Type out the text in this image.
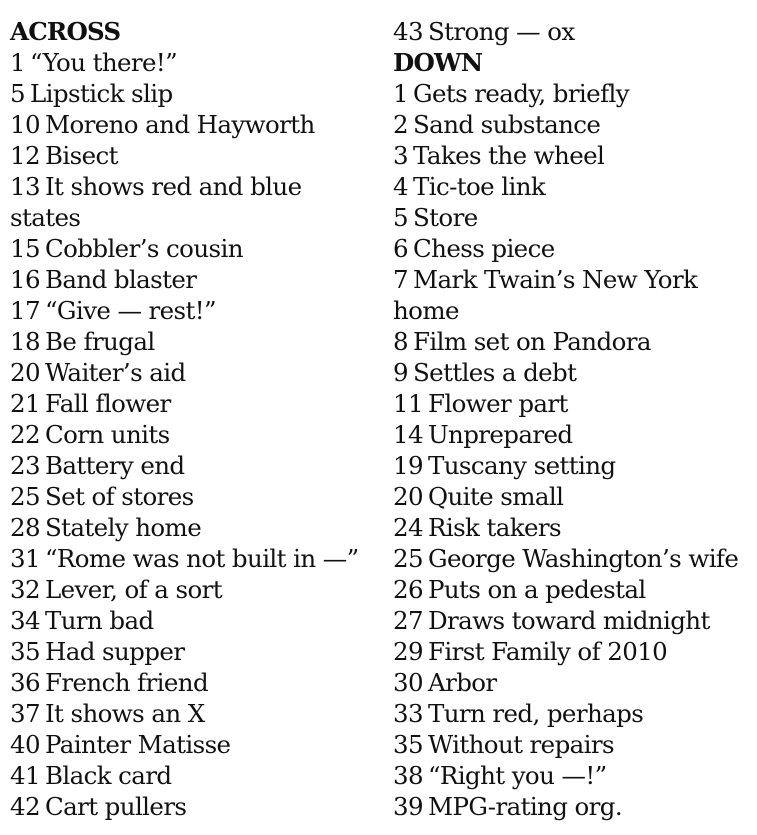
ACROSS
1 “You there!”
5 Lipstick slip
10 Moreno and Hayworth
12 Bisect
13 It shows red and blue
states
15 Cobbler’s cousin
16 Band blaster
17 “Give — rest!”
18 Be frugal
20 Waiter’s aid
21 Fall flower
22 Corn units
23 Battery end
25 Set of stores
28 Stately home
31 “Rome was not built in —”
32 Lever, of a sort
34 Turn bad
35 Had supper
36 French friend
37 It shows an X
40 Painter Matisse
41 Black card
42 Cart pullers
43 Strong — ox
DOWN
1 Gets ready, briefly
2 Sand substance
3 Takes the wheel
4 Tic-toe link
5 Store
6 Chess piece
7 Mark Twain’s New York
home
8 Film set on Pandora
9 Settles a debt
11 Flower part
14 Unprepared
19 Tuscany setting
20 Quite small
24 Risk takers
25 George Washington’s wife
26 Puts on a pedestal
27 Draws toward midnight
29 First Family of 2010
30 Arbor
33 Turn red, perhaps
35 Without repairs
38 “Right you —!”
39 MPG-rating org.
